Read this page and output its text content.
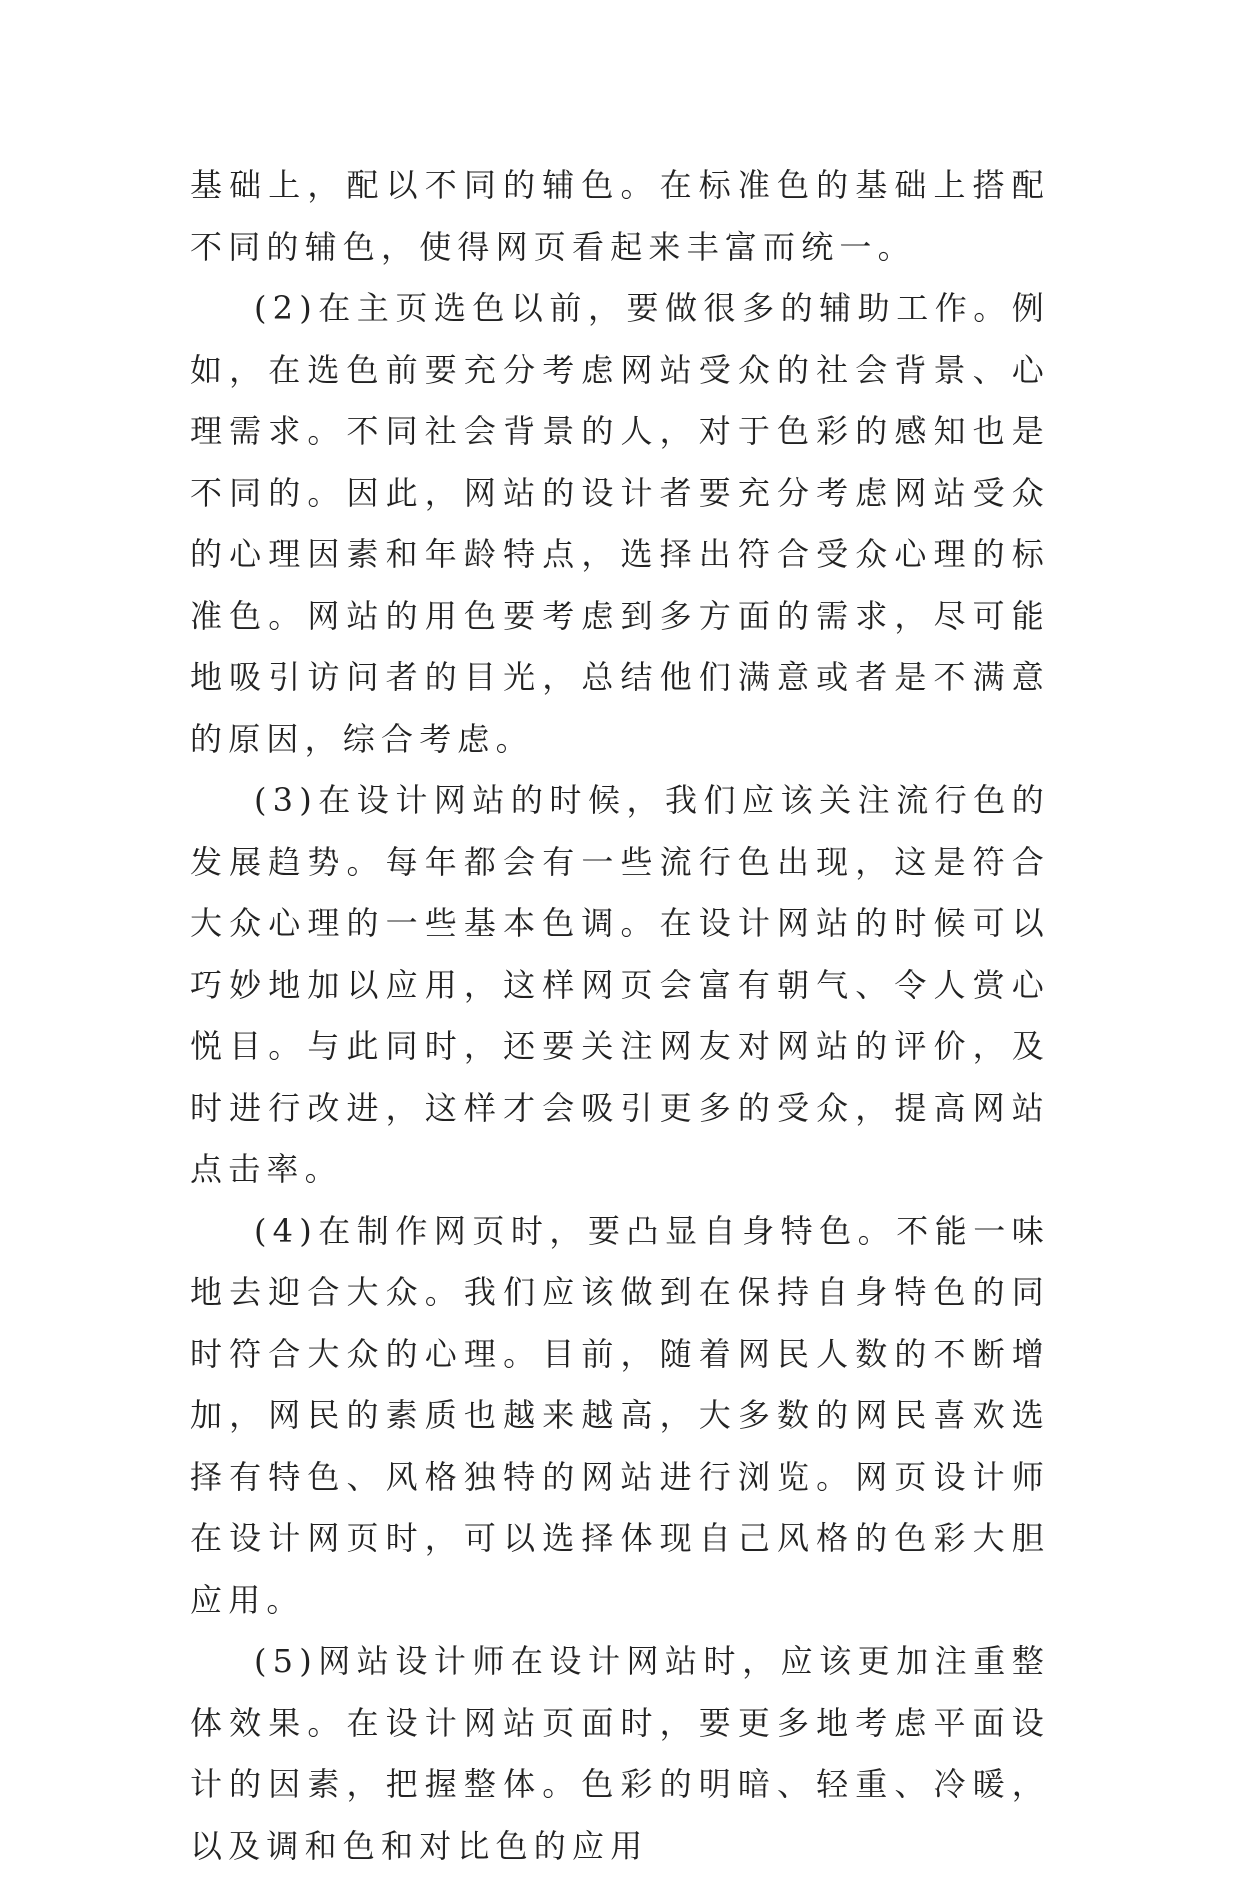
基础上，配以不同的辅色。在标准色的基础上搭配不同的辅色，使得网页看起来丰富而统一。

(2)在主页选色以前，要做很多的辅助工作。例如，在选色前要充分考虑网站受众的社会背景、心理需求。不同社会背景的人，对于色彩的感知也是不同的。因此，网站的设计者要充分考虑网站受众的心理因素和年龄特点，选择出符合受众心理的标准色。网站的用色要考虑到多方面的需求，尽可能地吸引访问者的目光，总结他们满意或者是不满意的原因，综合考虑。

(3)在设计网站的时候，我们应该关注流行色的发展趋势。每年都会有一些流行色出现，这是符合大众心理的一些基本色调。在设计网站的时候可以巧妙地加以应用，这样网页会富有朝气、令人赏心悦目。与此同时，还要关注网友对网站的评价，及时进行改进，这样才会吸引更多的受众，提高网站点击率。

(4)在制作网页时，要凸显自身特色。不能一味地去迎合大众。我们应该做到在保持自身特色的同时符合大众的心理。目前，随着网民人数的不断增加，网民的素质也越来越高，大多数的网民喜欢选择有特色、风格独特的网站进行浏览。网页设计师在设计网页时，可以选择体现自己风格的色彩大胆应用。

(5)网站设计师在设计网站时，应该更加注重整体效果。在设计网站页面时，要更多地考虑平面设计的因素，把握整体。色彩的明暗、轻重、冷暖，以及调和色和对比色的应用
